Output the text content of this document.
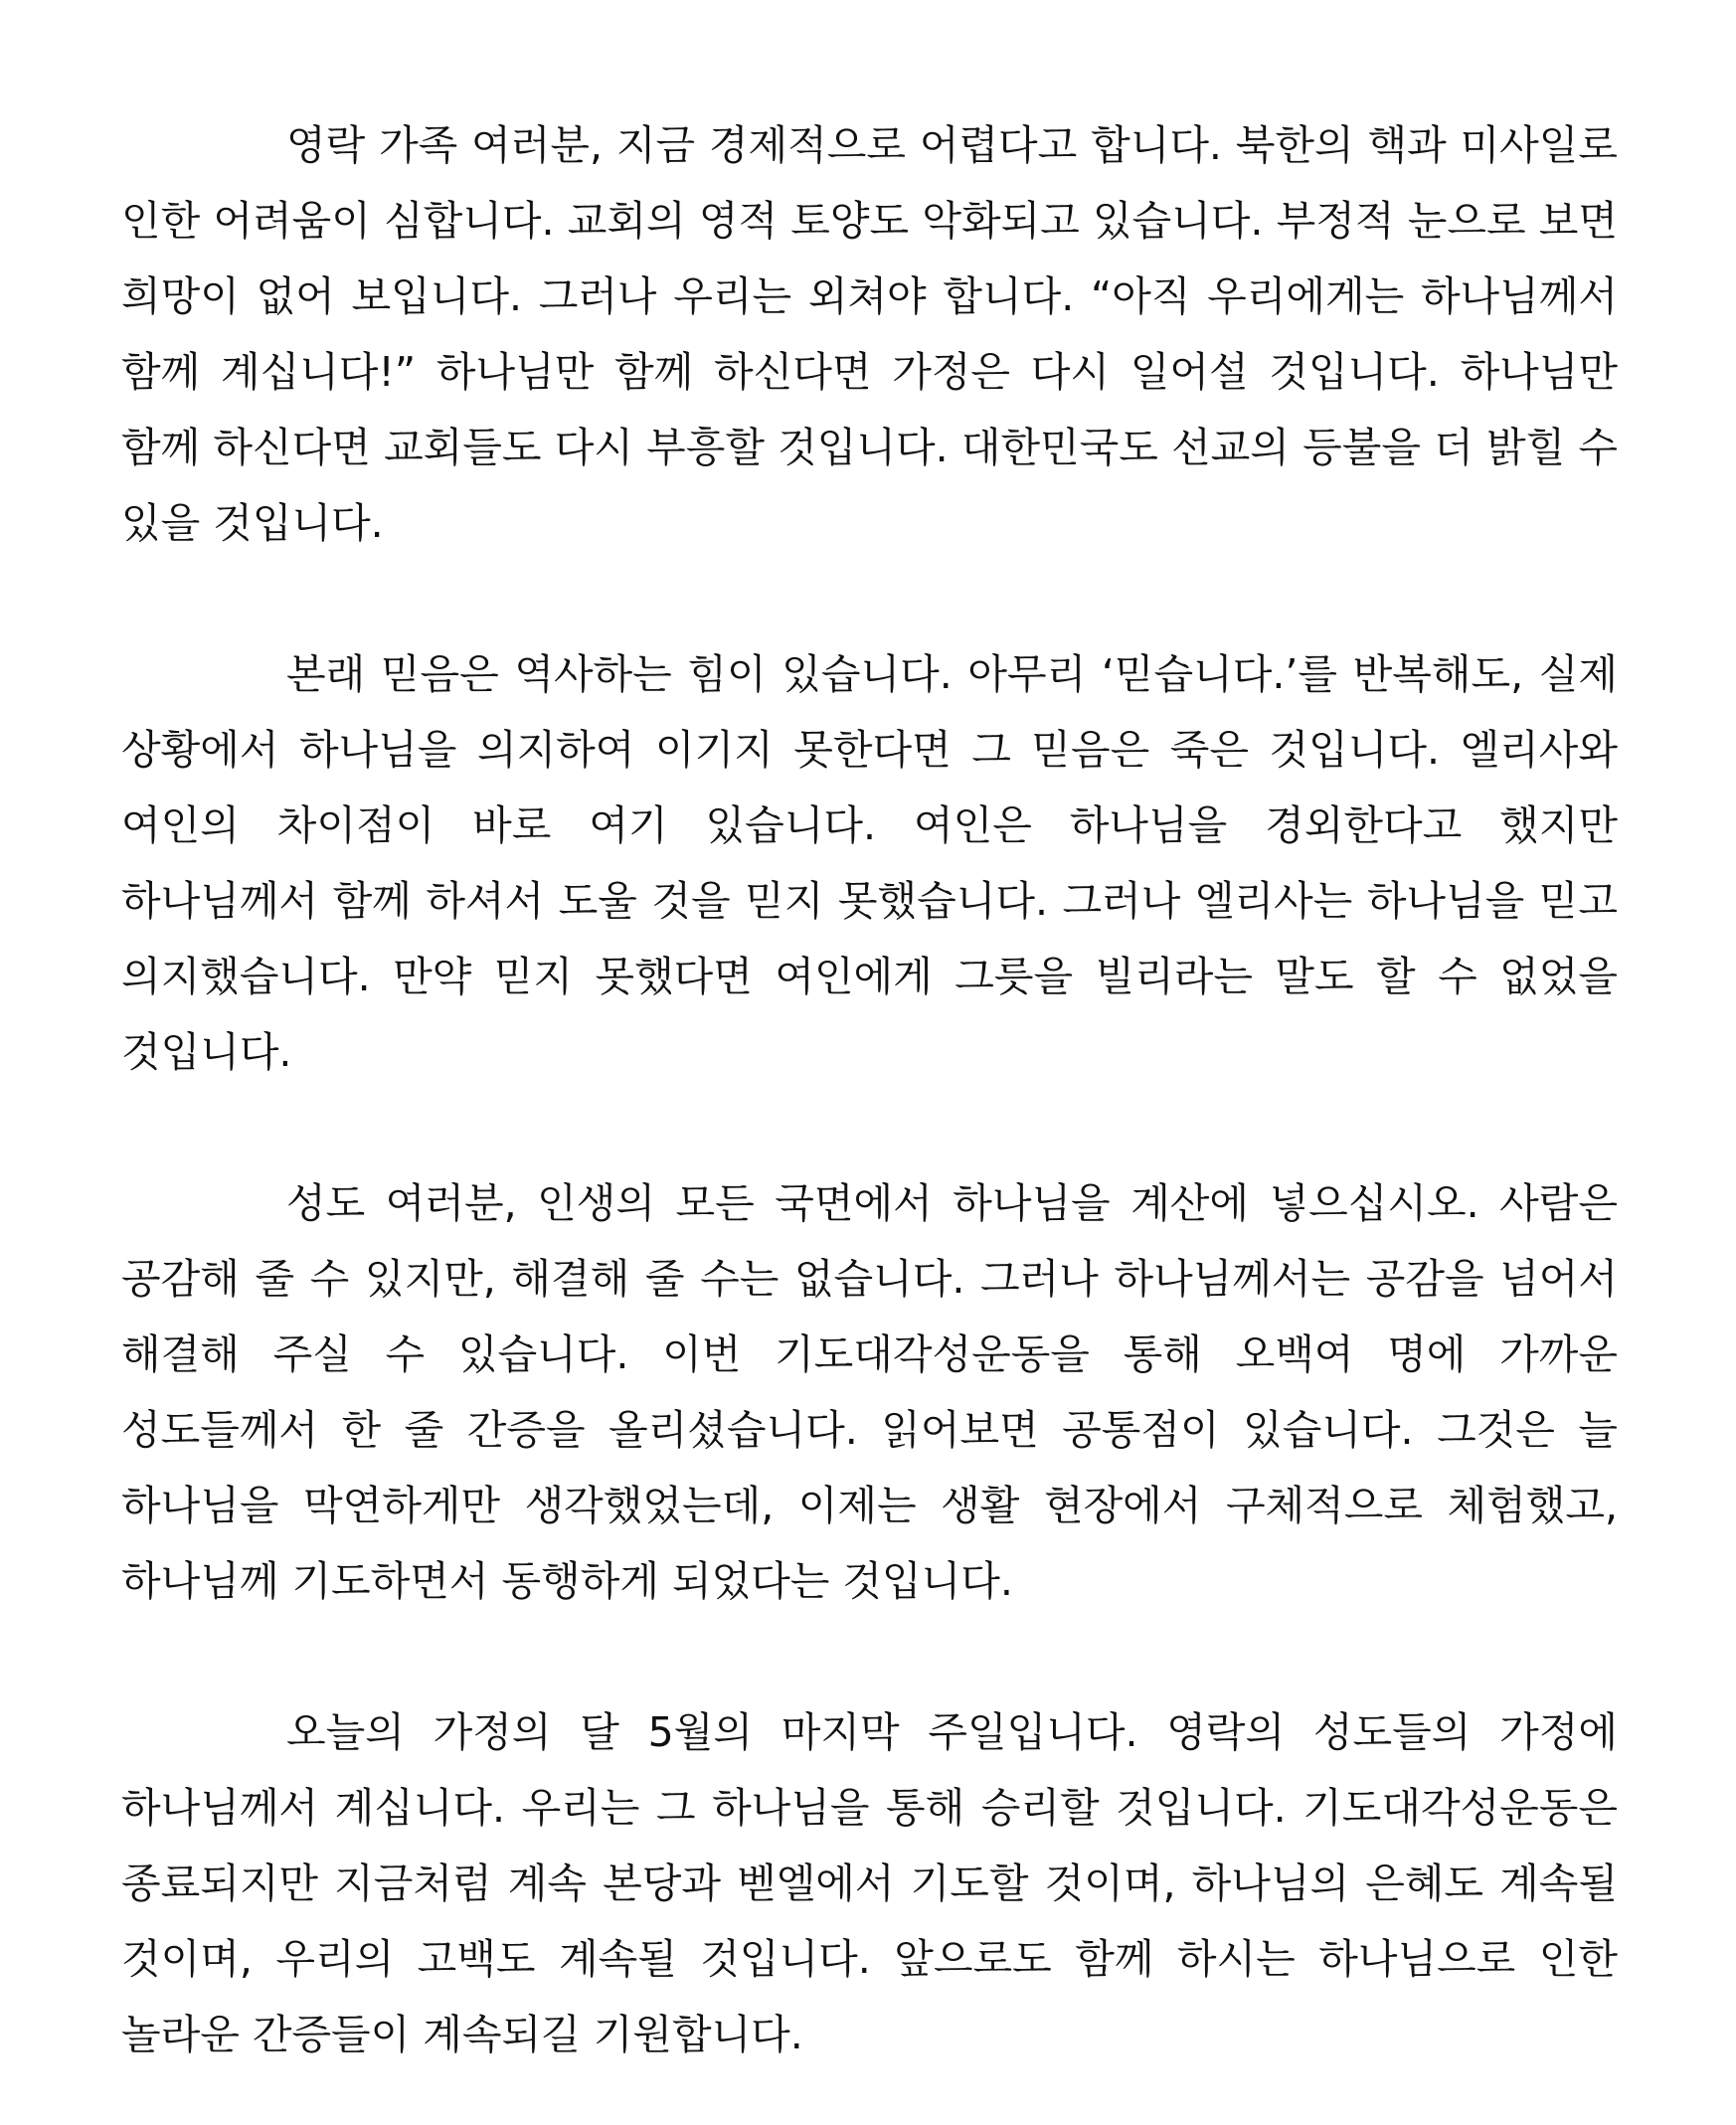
영락 가족 여러분, 지금 경제적으로 어렵다고 합니다. 북한의 핵과 미사일로 인한 어려움이 심합니다. 교회의 영적 토양도 악화되고 있습니다. 부정적 눈으로 보면 희망이 없어 보입니다. 그러나 우리는 외쳐야 합니다. “아직 우리에게는 하나님께서 함께 계십니다!” 하나님만 함께 하신다면 가정은 다시 일어설 것입니다. 하나님만 함께 하신다면 교회들도 다시 부흥할 것입니다. 대한민국도 선교의 등불을 더 밝힐 수 있을 것입니다.

본래 믿음은 역사하는 힘이 있습니다. 아무리 ‘믿습니다.’를 반복해도, 실제 상황에서 하나님을 의지하여 이기지 못한다면 그 믿음은 죽은 것입니다. 엘리사와 여인의 차이점이 바로 여기 있습니다. 여인은 하나님을 경외한다고 했지만 하나님께서 함께 하셔서 도울 것을 믿지 못했습니다. 그러나 엘리사는 하나님을 믿고 의지했습니다. 만약 믿지 못했다면 여인에게 그릇을 빌리라는 말도 할 수 없었을 것입니다.

성도 여러분, 인생의 모든 국면에서 하나님을 계산에 넣으십시오. 사람은 공감해 줄 수 있지만, 해결해 줄 수는 없습니다. 그러나 하나님께서는 공감을 넘어서 해결해 주실 수 있습니다. 이번 기도대각성운동을 통해 오백여 명에 가까운 성도들께서 한 줄 간증을 올리셨습니다. 읽어보면 공통점이 있습니다. 그것은 늘 하나님을 막연하게만 생각했었는데, 이제는 생활 현장에서 구체적으로 체험했고, 하나님께 기도하면서 동행하게 되었다는 것입니다.

오늘의 가정의 달 5월의 마지막 주일입니다. 영락의 성도들의 가정에 하나님께서 계십니다. 우리는 그 하나님을 통해 승리할 것입니다. 기도대각성운동은 종료되지만 지금처럼 계속 본당과 벧엘에서 기도할 것이며, 하나님의 은혜도 계속될 것이며, 우리의 고백도 계속될 것입니다. 앞으로도 함께 하시는 하나님으로 인한 놀라운 간증들이 계속되길 기원합니다.
